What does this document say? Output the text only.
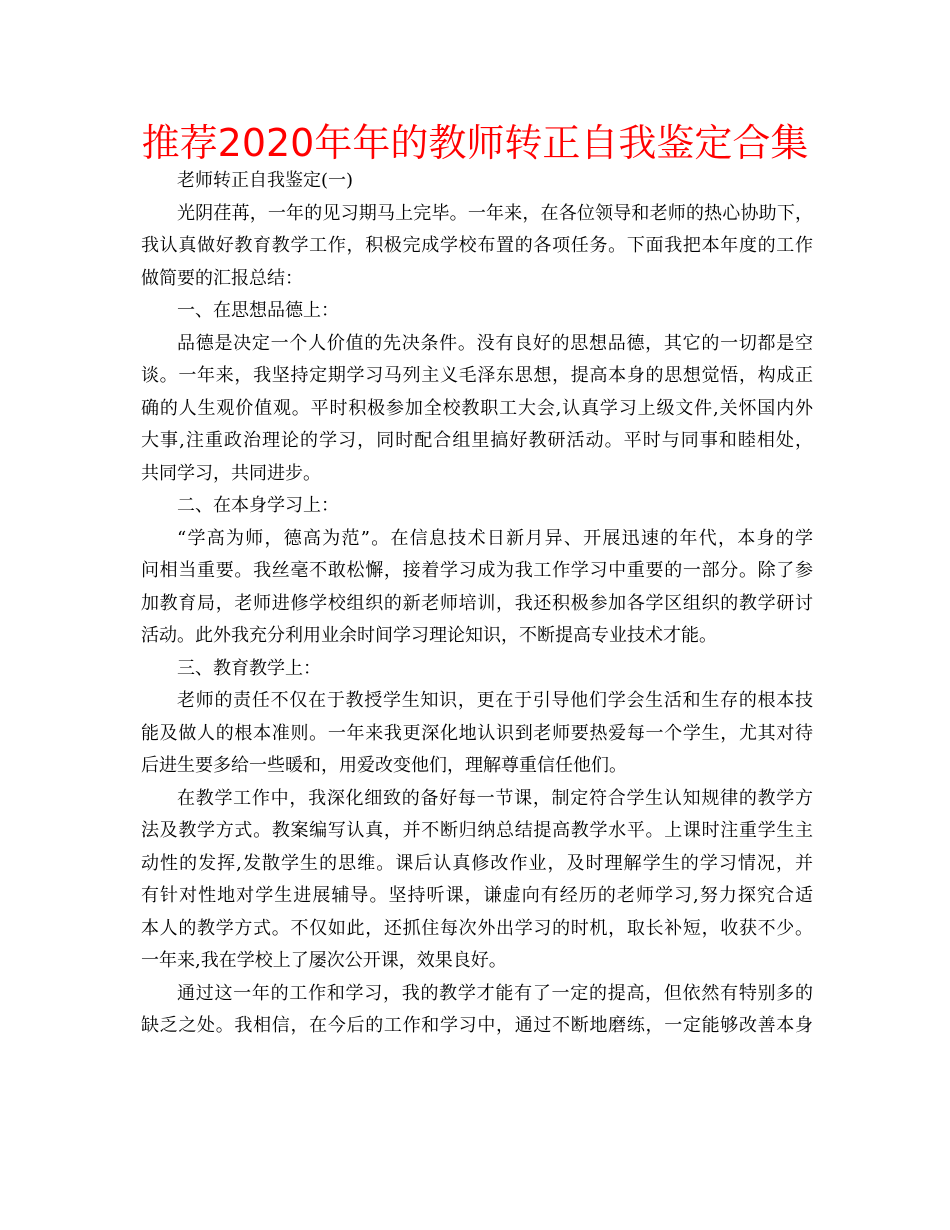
推荐2020年年的教师转正自我鉴定合集
老师转正自我鉴定(一)
光阴荏苒，一年的见习期马上完毕。一年来，在各位领导和老师的热心协助下，
我认真做好教育教学工作，积极完成学校布置的各项任务。下面我把本年度的工作
做简要的汇报总结：
一、在思想品德上：
品德是决定一个人价值的先决条件。没有良好的思想品德，其它的一切都是空
谈。一年来，我坚持定期学习马列主义毛泽东思想，提高本身的思想觉悟，构成正
确的人生观价值观。平时积极参加全校教职工大会,认真学习上级文件,关怀国内外
大事,注重政治理论的学习，同时配合组里搞好教研活动。平时与同事和睦相处，
共同学习，共同进步。
二、在本身学习上：
“学高为师，德高为范”。在信息技术日新月异、开展迅速的年代，本身的学
问相当重要。我丝毫不敢松懈，接着学习成为我工作学习中重要的一部分。除了参
加教育局，老师进修学校组织的新老师培训，我还积极参加各学区组织的教学研讨
活动。此外我充分利用业余时间学习理论知识，不断提高专业技术才能。
三、教育教学上：
老师的责任不仅在于教授学生知识，更在于引导他们学会生活和生存的根本技
能及做人的根本准则。一年来我更深化地认识到老师要热爱每一个学生，尤其对待
后进生要多给一些暖和，用爱改变他们，理解尊重信任他们。
在教学工作中，我深化细致的备好每一节课，制定符合学生认知规律的教学方
法及教学方式。教案编写认真，并不断归纳总结提高教学水平。上课时注重学生主
动性的发挥,发散学生的思维。课后认真修改作业，及时理解学生的学习情况，并
有针对性地对学生进展辅导。坚持听课，谦虚向有经历的老师学习,努力探究合适
本人的教学方式。不仅如此，还抓住每次外出学习的时机，取长补短，收获不少。
一年来,我在学校上了屡次公开课，效果良好。
通过这一年的工作和学习，我的教学才能有了一定的提高，但依然有特别多的
缺乏之处。我相信，在今后的工作和学习中，通过不断地磨练，一定能够改善本身
